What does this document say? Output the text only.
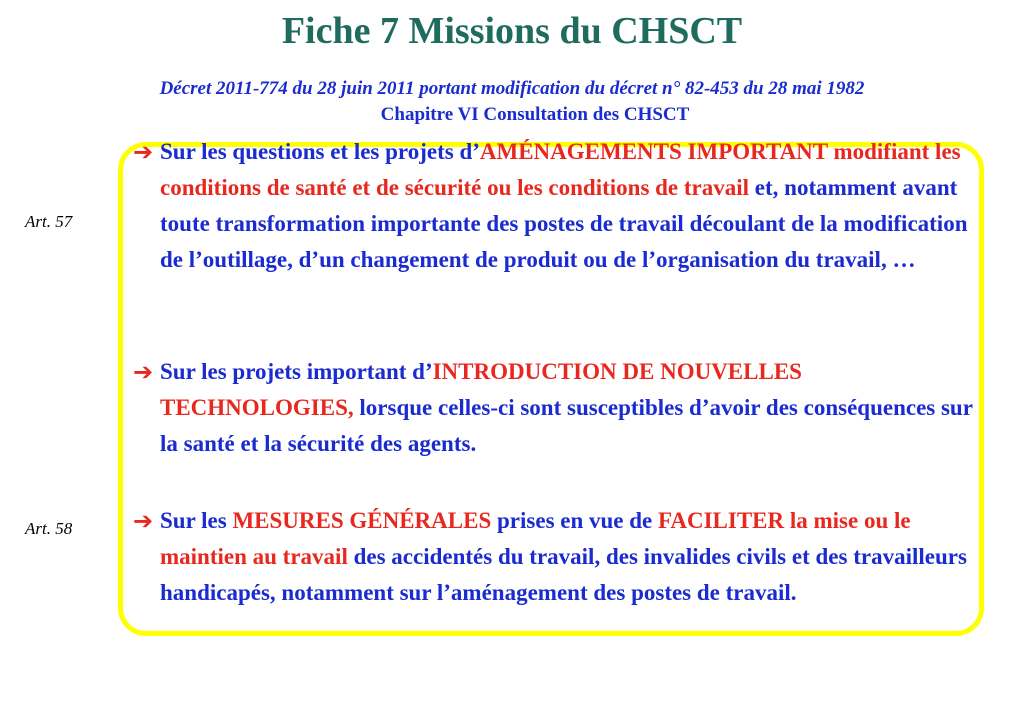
Fiche 7 Missions du CHSCT
Décret 2011-774 du 28 juin 2011 portant modification du décret n° 82-453 du 28 mai 1982
Chapitre VI Consultation des CHSCT
Art. 57
Art. 58
➔ Sur les questions et les projets d’AMÉNAGEMENTS IMPORTANT modifiant les conditions de santé et de sécurité ou les conditions de travail et, notamment avant toute transformation importante des postes de travail découlant de la modification de l’outillage, d’un changement de produit ou de l’organisation du travail, …
➔ Sur les projets important d’INTRODUCTION DE NOUVELLES TECHNOLOGIES, lorsque celles-ci sont susceptibles d’avoir des conséquences sur la santé et la sécurité des agents.
➔ Sur les MESURES GÉNÉRALES prises en vue de FACILITER la mise ou le maintien au travail des accidentés du travail, des invalides civils et des travailleurs handicapés, notamment sur l’aménagement des postes de travail.
